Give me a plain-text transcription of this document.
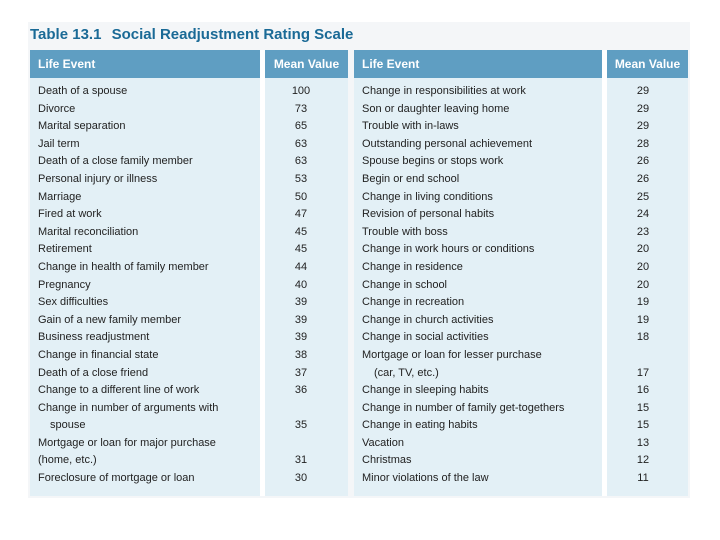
Table 13.1 Social Readjustment Rating Scale
Life Event	Mean Value
Death of a spouse	100
Divorce	73
Marital separation	65
Jail term	63
Death of a close family member	63
Personal injury or illness	53
Marriage	50
Fired at work	47
Marital reconciliation	45
Retirement	45
Change in health of family member	44
Pregnancy	40
Sex difficulties	39
Gain of a new family member	39
Business readjustment	39
Change in financial state	38
Death of a close friend	37
Change to a different line of work	36
Change in number of arguments with
spouse	35
Mortgage or loan for major purchase
(home, etc.)	31
Foreclosure of mortgage or loan	30
Life Event	Mean Value
Change in responsibilities at work	29
Son or daughter leaving home	29
Trouble with in-laws	29
Outstanding personal achievement	28
Spouse begins or stops work	26
Begin or end school	26
Change in living conditions	25
Revision of personal habits	24
Trouble with boss	23
Change in work hours or conditions	20
Change in residence	20
Change in school	20
Change in recreation	19
Change in church activities	19
Change in social activities	18
Mortgage or loan for lesser purchase
(car, TV, etc.)	17
Change in sleeping habits	16
Change in number of family get-togethers	15
Change in eating habits	15
Vacation	13
Christmas	12
Minor violations of the law	11
